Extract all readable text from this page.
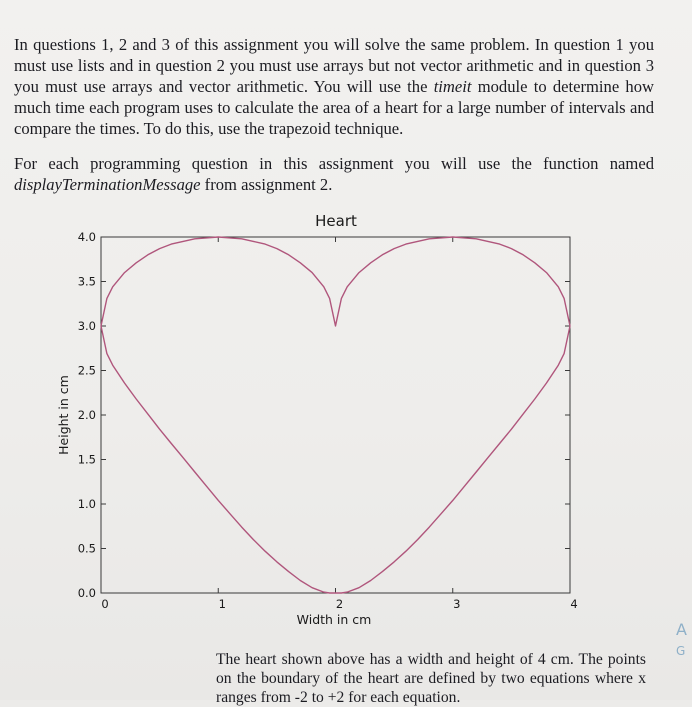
In questions 1, 2 and 3 of this assignment you will solve the same problem. In question 1 you must use lists and in question 2 you must use arrays but not vector arithmetic and in question 3 you must use arrays and vector arithmetic. You will use the timeit module to determine how much time each program uses to calculate the area of a heart for a large number of intervals and compare the times. To do this, use the trapezoid technique.

For each programming question in this assignment you will use the function named displayTerminationMessage from assignment 2.

Heart
0.0
0.5
1.0
1.5
2.0
2.5
3.0
3.5
4.0
0	1	2	3	4
Width in cm
Height in cm

The heart shown above has a width and height of 4 cm. The points on the boundary of the heart are defined by two equations where x ranges from -2 to +2 for each equation.

A
G
